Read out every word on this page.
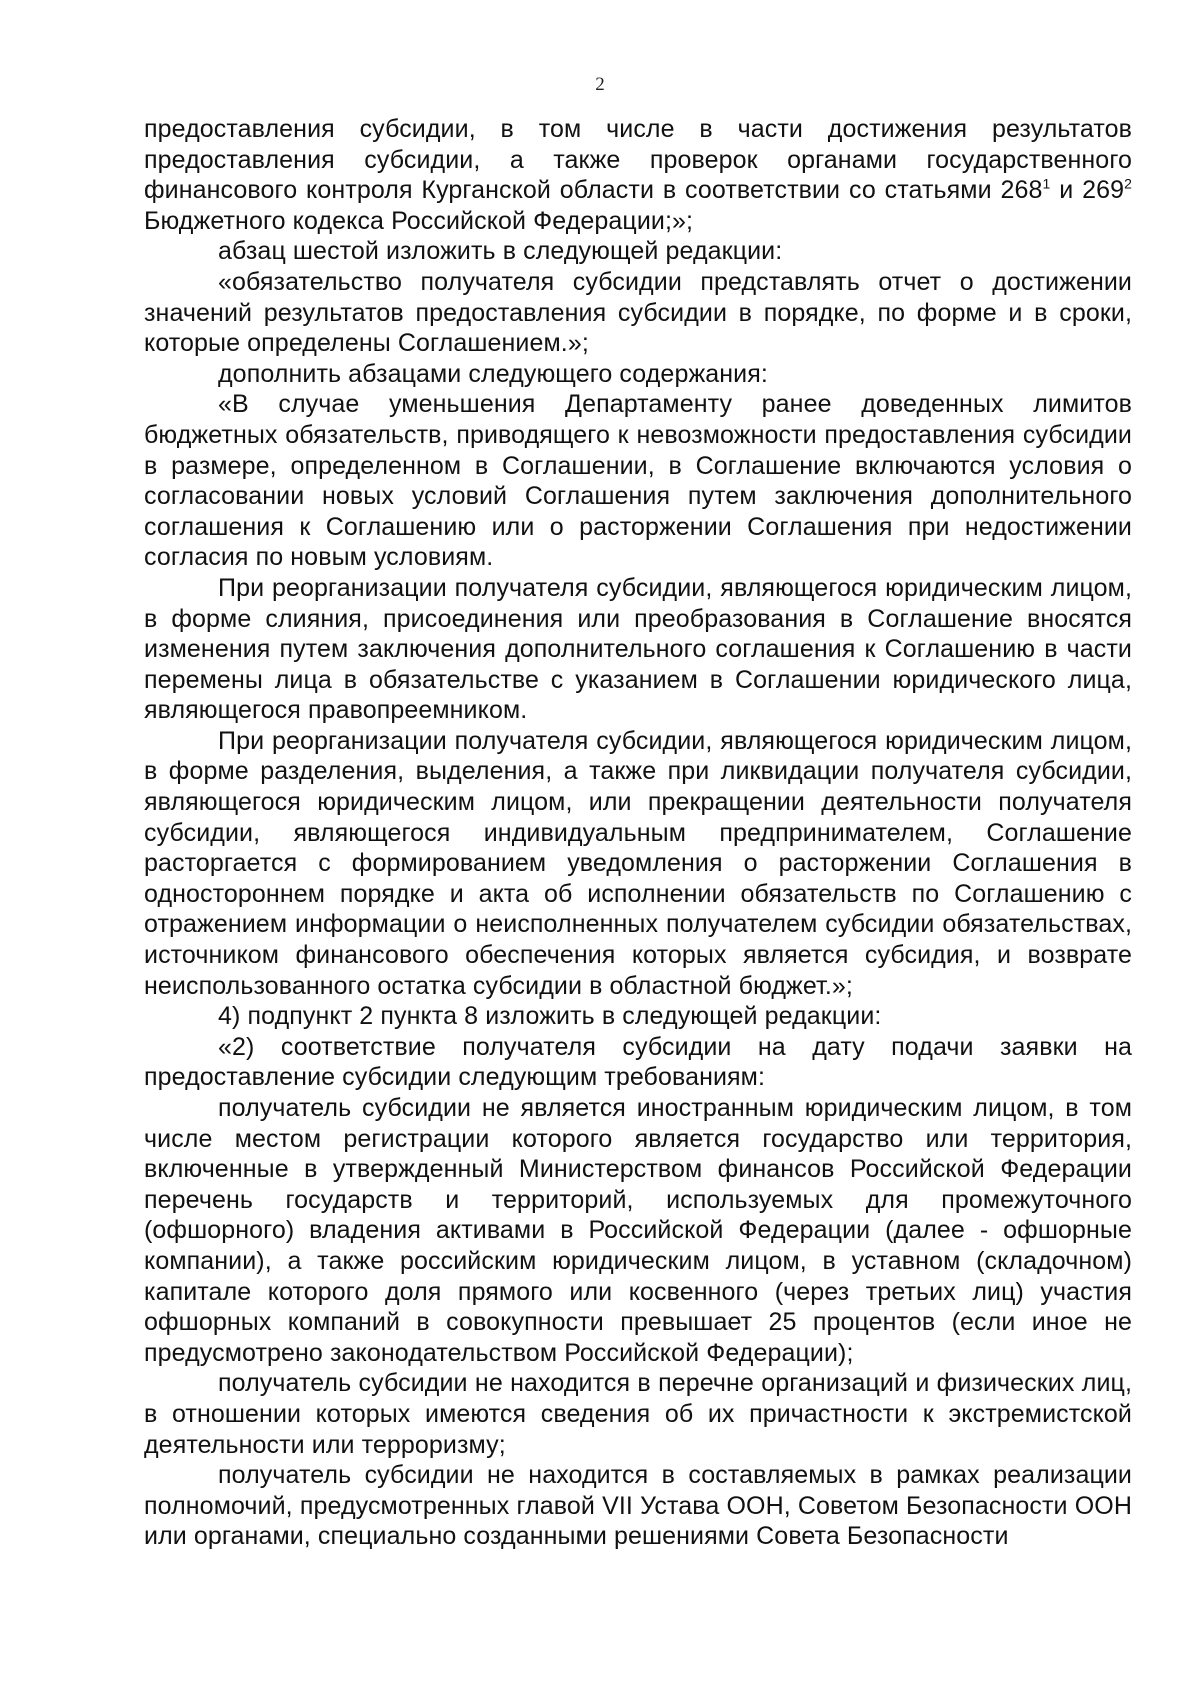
2

предоставления субсидии, в том числе в части достижения результатов предоставления субсидии, а также проверок органами государственного финансового контроля Курганской области в соответствии со статьями $268^1$ и $269^2$ Бюджетного кодекса Российской Федерации;»;

абзац шестой изложить в следующей редакции:

«обязательство получателя субсидии представлять отчет о достижении значений результатов предоставления субсидии в порядке, по форме и в сроки, которые определены Соглашением.»;

дополнить абзацами следующего содержания:

«В случае уменьшения Департаменту ранее доведенных лимитов бюджетных обязательств, приводящего к невозможности предоставления субсидии в размере, определенном в Соглашении, в Соглашение включаются условия о согласовании новых условий Соглашения путем заключения дополнительного соглашения к Соглашению или о расторжении Соглашения при недостижении согласия по новым условиям.

При реорганизации получателя субсидии, являющегося юридическим лицом, в форме слияния, присоединения или преобразования в Соглашение вносятся изменения путем заключения дополнительного соглашения к Соглашению в части перемены лица в обязательстве с указанием в Соглашении юридического лица, являющегося правопреемником.

При реорганизации получателя субсидии, являющегося юридическим лицом, в форме разделения, выделения, а также при ликвидации получателя субсидии, являющегося юридическим лицом, или прекращении деятельности получателя субсидии, являющегося индивидуальным предпринимателем, Соглашение расторгается с формированием уведомления о расторжении Соглашения в одностороннем порядке и акта об исполнении обязательств по Соглашению с отражением информации о неисполненных получателем субсидии обязательствах, источником финансового обеспечения которых является субсидия, и возврате неиспользованного остатка субсидии в областной бюджет.»;

4) подпункт 2 пункта 8 изложить в следующей редакции:

«2) соответствие получателя субсидии на дату подачи заявки на предоставление субсидии следующим требованиям:

получатель субсидии не является иностранным юридическим лицом, в том числе местом регистрации которого является государство или территория, включенные в утвержденный Министерством финансов Российской Федерации перечень государств и территорий, используемых для промежуточного (офшорного) владения активами в Российской Федерации (далее - офшорные компании), а также российским юридическим лицом, в уставном (складочном) капитале которого доля прямого или косвенного (через третьих лиц) участия офшорных компаний в совокупности превышает 25 процентов (если иное не предусмотрено законодательством Российской Федерации);

получатель субсидии не находится в перечне организаций и физических лиц, в отношении которых имеются сведения об их причастности к экстремистской деятельности или терроризму;

получатель субсидии не находится в составляемых в рамках реализации полномочий, предусмотренных главой VII Устава ООН, Советом Безопасности ООН или органами, специально созданными решениями Совета Безопасности
